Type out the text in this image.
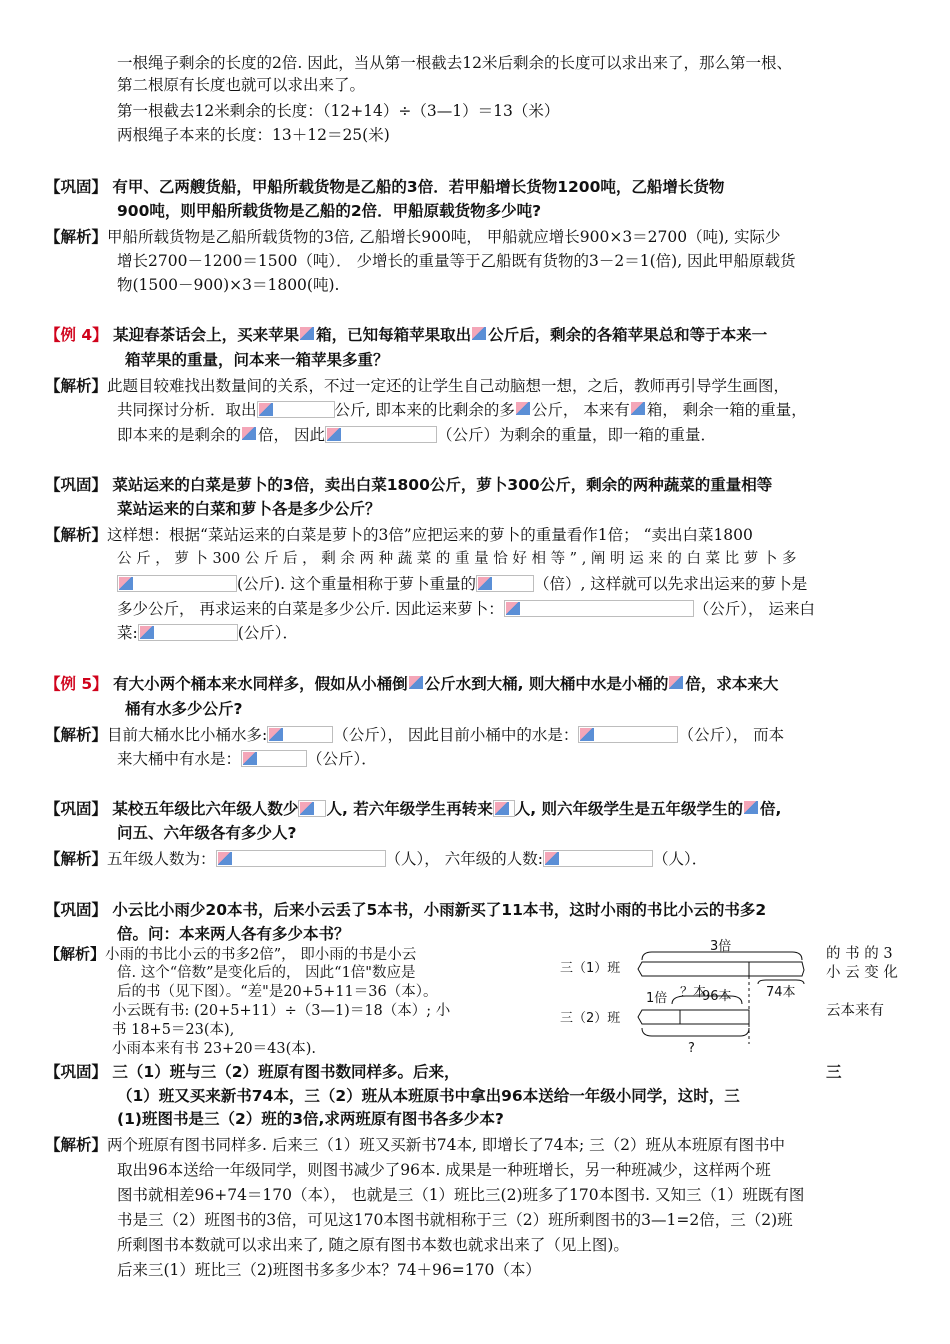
一根绳子剩余的长度的2倍. 因此，当从第一根截去12米后剩余的长度可以求出来了，那么第一根、
第二根原有长度也就可以求出来了。
第一根截去12米剩余的长度：（12+14）÷（3—1）＝13（米）
两根绳子本来的长度：13＋12＝25(米)
【巩固】 有甲、乙两艘货船，甲船所载货物是乙船的3倍．若甲船增长货物1200吨，乙船增长货物
900吨，则甲船所载货物是乙船的2倍．甲船原载货物多少吨?
【解析】甲船所载货物是乙船所载货物的3倍, 乙船增长900吨， 甲船就应增长900×3＝2700（吨), 实际少
增长2700－1200＝1500（吨）． 少增长的重量等于乙船既有货物的3－2＝1(倍), 因此甲船原载货
物(1500－900)×3＝1800(吨).
【例 4】 某迎春茶话会上，买来苹果 箱，已知每箱苹果取出 公斤后，剩余的各箱苹果总和等于本来一
箱苹果的重量，问本来一箱苹果多重？
【解析】此题目较难找出数量间的关系，不过一定还的让学生自己动脑想一想，之后，教师再引导学生画图，
共同探讨分析．取出	公斤, 即本来的比剩余的多 公斤， 本来有 箱， 剩余一箱的重量，
即本来的是剩余的 倍， 因此	（公斤）为剩余的重量，即一箱的重量．
【巩固】 菜站运来的白菜是萝卜的3倍，卖出白菜1800公斤，萝卜300公斤，剩余的两种蔬菜的重量相等
菜站运来的白菜和萝卜各是多少公斤？
【解析】这样想：根据“菜站运来的白菜是萝卜的3倍”应把运来的萝卜的重量看作1倍； “卖出白菜1800
公 斤 ， 萝 卜 300 公 斤 后 ， 剩 余 两 种 蔬 菜 的 重 量 恰 好 相 等 ” , 阐 明 运 来 的 白 菜 比 萝 卜 多
(公斤). 这个重量相称于萝卜重量的	（倍）, 这样就可以先求出运来的萝卜是
多少公斤， 再求运来的白菜是多少公斤. 因此运来萝卜：	（公斤）， 运来白
菜:	(公斤）．
【例 5】 有大小两个桶本来水同样多，假如从小桶倒 公斤水到大桶, 则大桶中水是小桶的 倍，求本来大
桶有水多少公斤?
【解析】目前大桶水比小桶水多:	（公斤）， 因此目前小桶中的水是：	（公斤）， 而本
来大桶中有水是：	（公斤）．
【巩固】 某校五年级比六年级人数少 人, 若六年级学生再转来 人, 则六年级学生是五年级学生的 倍,
问五、六年级各有多少人?
【解析】五年级人数为：	（人）， 六年级的人数:	（人）．
【巩固】 小云比小雨少20本书，后来小云丢了5本书，小雨新买了11本书，这时小雨的书比小云的书多2
倍。问：本来两人各有多少本书？
【解析】小雨的书比小云的书多2倍”， 即小雨的书是小云
倍. 这个“倍数”是变化后的， 因此“1倍"数应是
后的书（见下图）。“差"是20+5+11＝36（本）。
小云既有书: (20+5+11）÷（3—1)＝18（本）; 小
书 18+5＝23(本),
小雨本来有书 23+20＝43(本).
的 书 的 3
小 云 变 化
云本来有
3倍
三（1）班
1倍 ？本
96本	74本
三（2）班
?
【巩固】 三（1）班与三（2）班原有图书数同样多。后来，	三
（1）班又买来新书74本，三（2）班从本班原书中拿出96本送给一年级小同学，这时，三
(1)班图书是三（2）班的3倍,求两班原有图书各多少本?
【解析】两个班原有图书同样多. 后来三（1）班又买新书74本, 即增长了74本; 三（2）班从本班原有图书中
取出96本送给一年级同学，则图书减少了96本. 成果是一种班增长，另一种班减少，这样两个班
图书就相差96+74＝170（本）， 也就是三（1）班比三(2)班多了170本图书. 又知三（1）班既有图
书是三（2）班图书的3倍，可见这170本图书就相称于三（2）班所剩图书的3—1=2倍，三（2)班
所剩图书本数就可以求出来了, 随之原有图书本数也就求出来了（见上图)。
后来三(1）班比三（2)班图书多多少本？74＋96=170（本）
